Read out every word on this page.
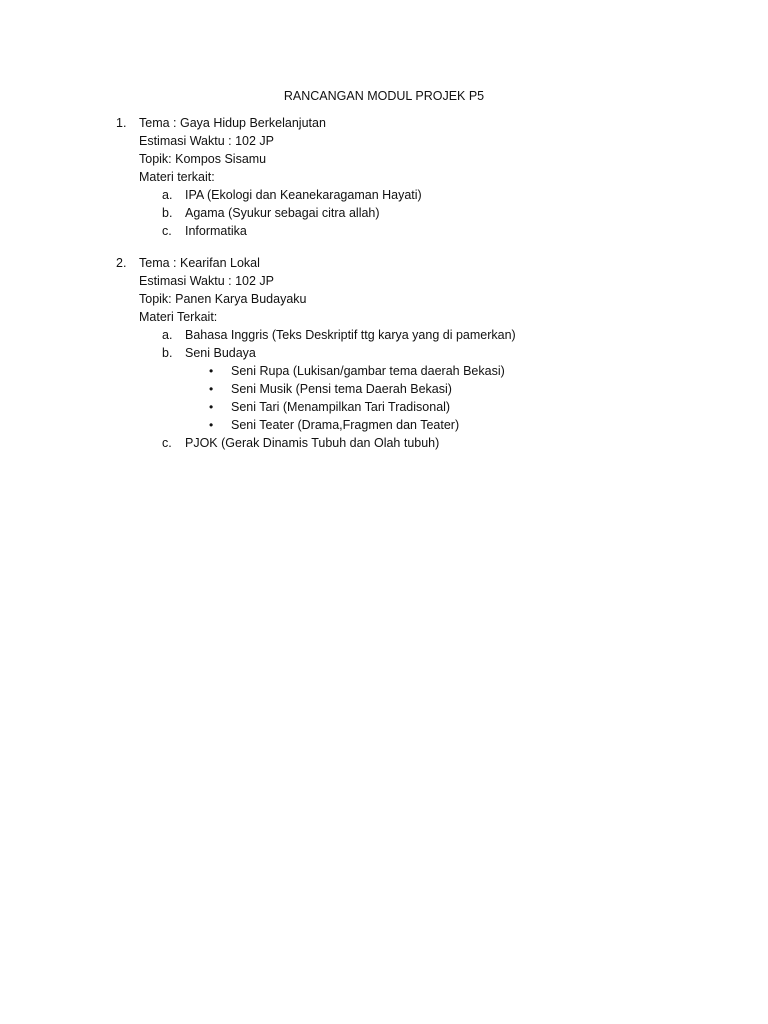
RANCANGAN MODUL PROJEK P5
1. Tema : Gaya Hidup Berkelanjutan
Estimasi Waktu : 102 JP
Topik: Kompos Sisamu
Materi terkait:
a. IPA (Ekologi dan Keanekaragaman Hayati)
b. Agama (Syukur sebagai citra allah)
c. Informatika
2. Tema : Kearifan Lokal
Estimasi Waktu : 102 JP
Topik: Panen Karya Budayaku
Materi Terkait:
a. Bahasa Inggris (Teks Deskriptif ttg karya yang di pamerkan)
b. Seni Budaya
• Seni Rupa (Lukisan/gambar tema daerah Bekasi)
• Seni Musik (Pensi tema Daerah Bekasi)
• Seni Tari (Menampilkan Tari Tradisonal)
• Seni Teater (Drama,Fragmen dan Teater)
c. PJOK (Gerak Dinamis Tubuh dan Olah tubuh)
